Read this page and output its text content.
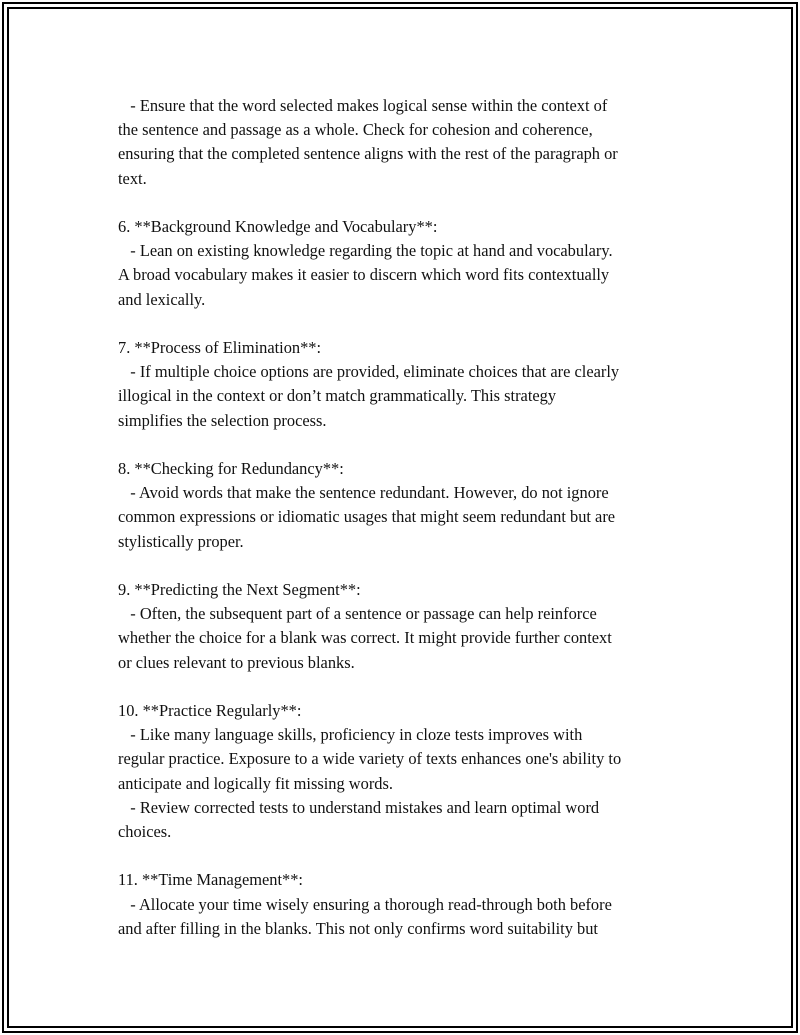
- Ensure that the word selected makes logical sense within the context of
the sentence and passage as a whole. Check for cohesion and coherence,
ensuring that the completed sentence aligns with the rest of the paragraph or
text.
6. **Background Knowledge and Vocabulary**:
- Lean on existing knowledge regarding the topic at hand and vocabulary.
A broad vocabulary makes it easier to discern which word fits contextually
and lexically.
7. **Process of Elimination**:
- If multiple choice options are provided, eliminate choices that are clearly
illogical in the context or don’t match grammatically. This strategy
simplifies the selection process.
8. **Checking for Redundancy**:
- Avoid words that make the sentence redundant. However, do not ignore
common expressions or idiomatic usages that might seem redundant but are
stylistically proper.
9. **Predicting the Next Segment**:
- Often, the subsequent part of a sentence or passage can help reinforce
whether the choice for a blank was correct. It might provide further context
or clues relevant to previous blanks.
10. **Practice Regularly**:
- Like many language skills, proficiency in cloze tests improves with
regular practice. Exposure to a wide variety of texts enhances one's ability to
anticipate and logically fit missing words.
- Review corrected tests to understand mistakes and learn optimal word
choices.
11. **Time Management**:
- Allocate your time wisely ensuring a thorough read-through both before
and after filling in the blanks. This not only confirms word suitability but
